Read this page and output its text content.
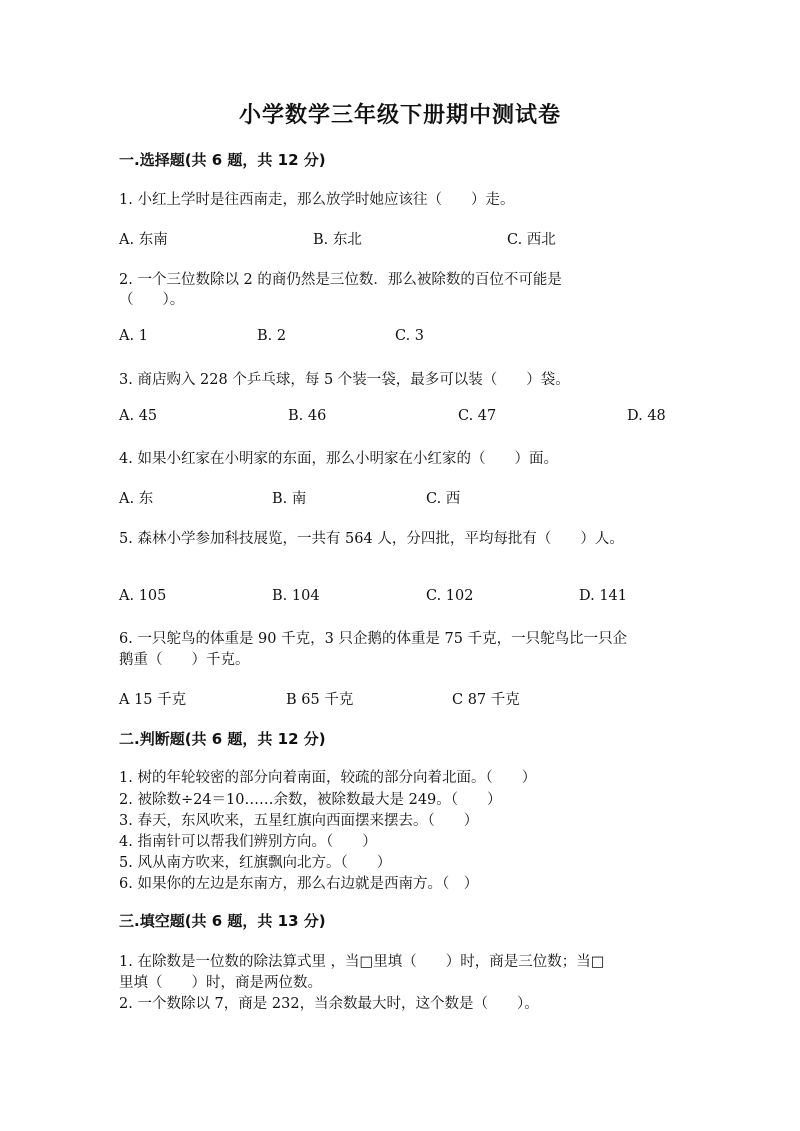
小学数学三年级下册期中测试卷
一.选择题(共 6 题，共 12 分)
1. 小红上学时是往西南走，那么放学时她应该往（　　）走。
A. 东南	B. 东北	C. 西北
2. 一个三位数除以 2 的商仍然是三位数．那么被除数的百位不可能是
（　　）。
A. 1	B. 2	C. 3
3. 商店购入 228 个乒乓球，每 5 个装一袋，最多可以装（　　）袋。
A. 45	B. 46	C. 47	D. 48
4. 如果小红家在小明家的东面，那么小明家在小红家的（　　）面。
A. 东	B. 南	C. 西
5. 森林小学参加科技展览，一共有 564 人，分四批，平均每批有（　　）人。
A. 105	B. 104	C. 102	D. 141
6. 一只鸵鸟的体重是 90 千克，3 只企鹅的体重是 75 千克，一只鸵鸟比一只企
鹅重（　　）千克。
A 15 千克	B 65 千克	C 87 千克
二.判断题(共 6 题，共 12 分)
1. 树的年轮较密的部分向着南面，较疏的部分向着北面。（　　）
2. 被除数÷24＝10……余数，被除数最大是 249。（　　）
3. 春天，东风吹来，五星红旗向西面摆来摆去。（　　）
4. 指南针可以帮我们辨别方向。（　　）
5. 风从南方吹来，红旗飘向北方。（　　）
6. 如果你的左边是东南方，那么右边就是西南方。（　）
三.填空题(共 6 题，共 13 分)
1. 在除数是一位数的除法算式里 ，当□里填（　　）时，商是三位数；当□
里填（　　）时，商是两位数。
2. 一个数除以 7，商是 232，当余数最大时，这个数是（　　）。
